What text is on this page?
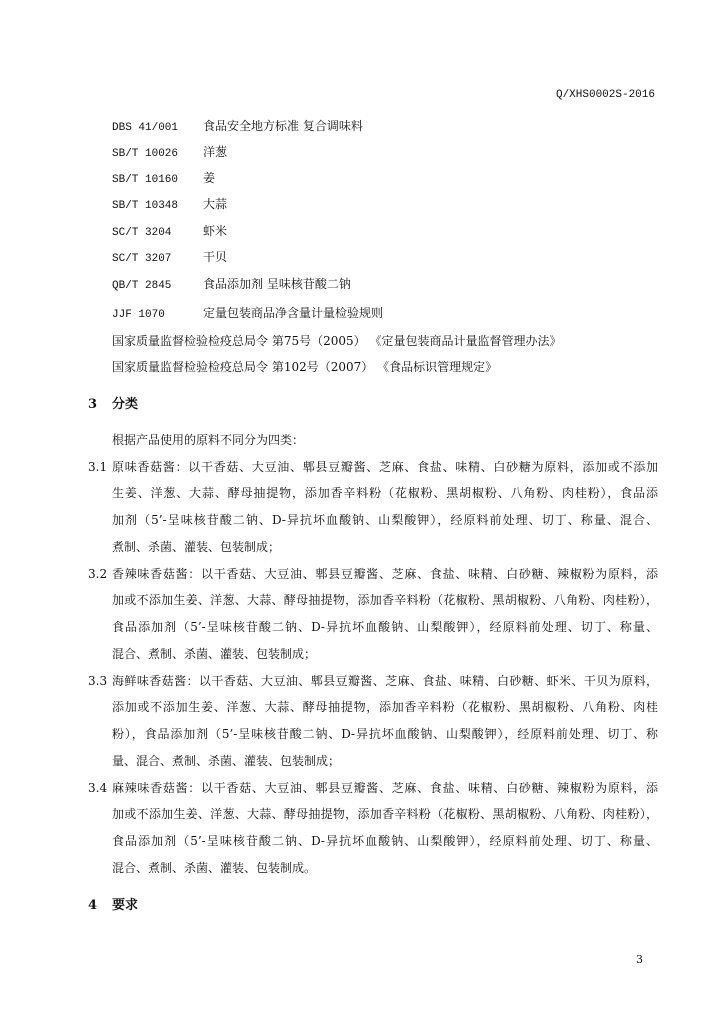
Q/XHS0002S-2016
DBS 41/001 食品安全地方标准 复合调味料
SB/T 10026 洋葱
SB/T 10160 姜
SB/T 10348 大蒜
SC/T 3204	虾米
SC/T 3207	干贝
QB/T 2845	食品添加剂 呈味核苷酸二钠
JJF 1070	定量包装商品净含量计量检验规则
国家质量监督检验检疫总局令 第75号（2005） 《定量包装商品计量监督管理办法》
国家质量监督检验检疫总局令 第102号（2007） 《食品标识管理规定》
3 分类
根据产品使用的原料不同分为四类：
3.1 原味香菇酱：以干香菇、大豆油、郫县豆瓣酱、芝麻、食盐、味精、白砂糖为原料，添加或不添加
生姜、洋葱、大蒜、酵母抽提物，添加香辛料粉（花椒粉、黑胡椒粉、八角粉、肉桂粉），食品添
加剂（5’-呈味核苷酸二钠、D-异抗坏血酸钠、山梨酸钾），经原料前处理、切丁、称量、混合、
煮制、杀菌、灌装、包装制成；
3.2 香辣味香菇酱：以干香菇、大豆油、郫县豆瓣酱、芝麻、食盐、味精、白砂糖、辣椒粉为原料，添
加或不添加生姜、洋葱、大蒜、酵母抽提物，添加香辛料粉（花椒粉、黑胡椒粉、八角粉、肉桂粉），
食品添加剂（5’-呈味核苷酸二钠、D-异抗坏血酸钠、山梨酸钾），经原料前处理、切丁、称量、
混合、煮制、杀菌、灌装、包装制成；
3.3 海鲜味香菇酱：以干香菇、大豆油、郫县豆瓣酱、芝麻、食盐、味精、白砂糖、虾米、干贝为原料，
添加或不添加生姜、洋葱、大蒜、酵母抽提物，添加香辛料粉（花椒粉、黑胡椒粉、八角粉、肉桂
粉），食品添加剂（5’-呈味核苷酸二钠、D-异抗坏血酸钠、山梨酸钾），经原料前处理、切丁、称
量、混合、煮制、杀菌、灌装、包装制成；
3.4 麻辣味香菇酱：以干香菇、大豆油、郫县豆瓣酱、芝麻、食盐、味精、白砂糖、辣椒粉为原料，添
加或不添加生姜、洋葱、大蒜、酵母抽提物，添加香辛料粉（花椒粉、黑胡椒粉、八角粉、肉桂粉），
食品添加剂（5’-呈味核苷酸二钠、D-异抗坏血酸钠、山梨酸钾），经原料前处理、切丁、称量、
混合、煮制、杀菌、灌装、包装制成。
4 要求
3
